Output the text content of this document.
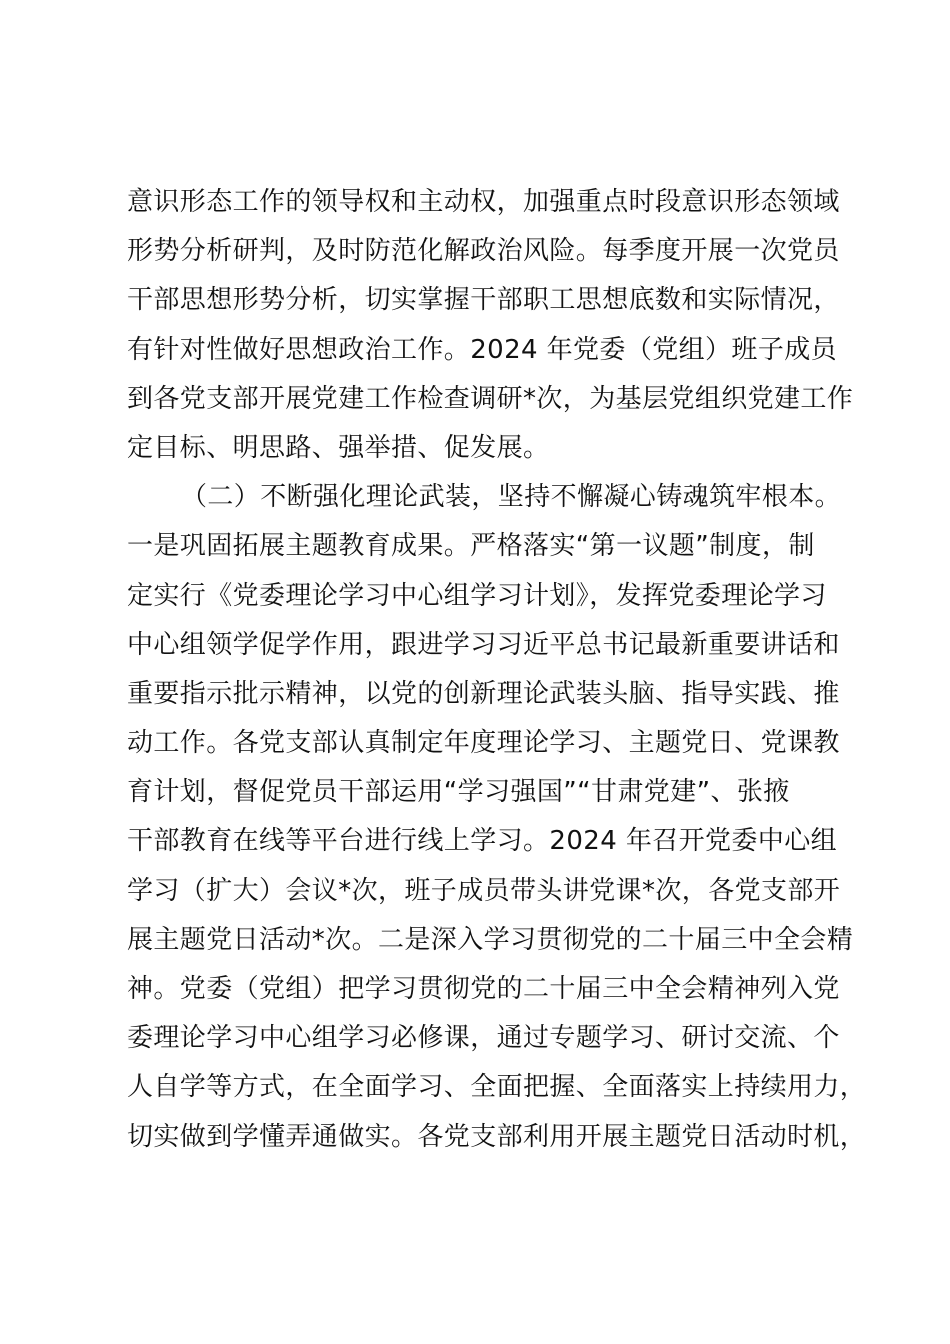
意识形态工作的领导权和主动权，加强重点时段意识形态领域
形势分析研判，及时防范化解政治风险。每季度开展一次党员
干部思想形势分析，切实掌握干部职工思想底数和实际情况，
有针对性做好思想政治工作。2024 年党委（党组）班子成员
到各党支部开展党建工作检查调研*次，为基层党组织党建工作
定目标、明思路、强举措、促发展。
（二）不断强化理论武装，坚持不懈凝心铸魂筑牢根本。
一是巩固拓展主题教育成果。严格落实“第一议题”制度，制
定实行《党委理论学习中心组学习计划》，发挥党委理论学习
中心组领学促学作用，跟进学习习近平总书记最新重要讲话和
重要指示批示精神，以党的创新理论武装头脑、指导实践、推
动工作。各党支部认真制定年度理论学习、主题党日、党课教
育计划，督促党员干部运用“学习强国”“甘肃党建”、张掖
干部教育在线等平台进行线上学习。2024 年召开党委中心组
学习（扩大）会议*次，班子成员带头讲党课*次，各党支部开
展主题党日活动*次。二是深入学习贯彻党的二十届三中全会精
神。党委（党组）把学习贯彻党的二十届三中全会精神列入党
委理论学习中心组学习必修课，通过专题学习、研讨交流、个
人自学等方式，在全面学习、全面把握、全面落实上持续用力，
切实做到学懂弄通做实。各党支部利用开展主题党日活动时机，
